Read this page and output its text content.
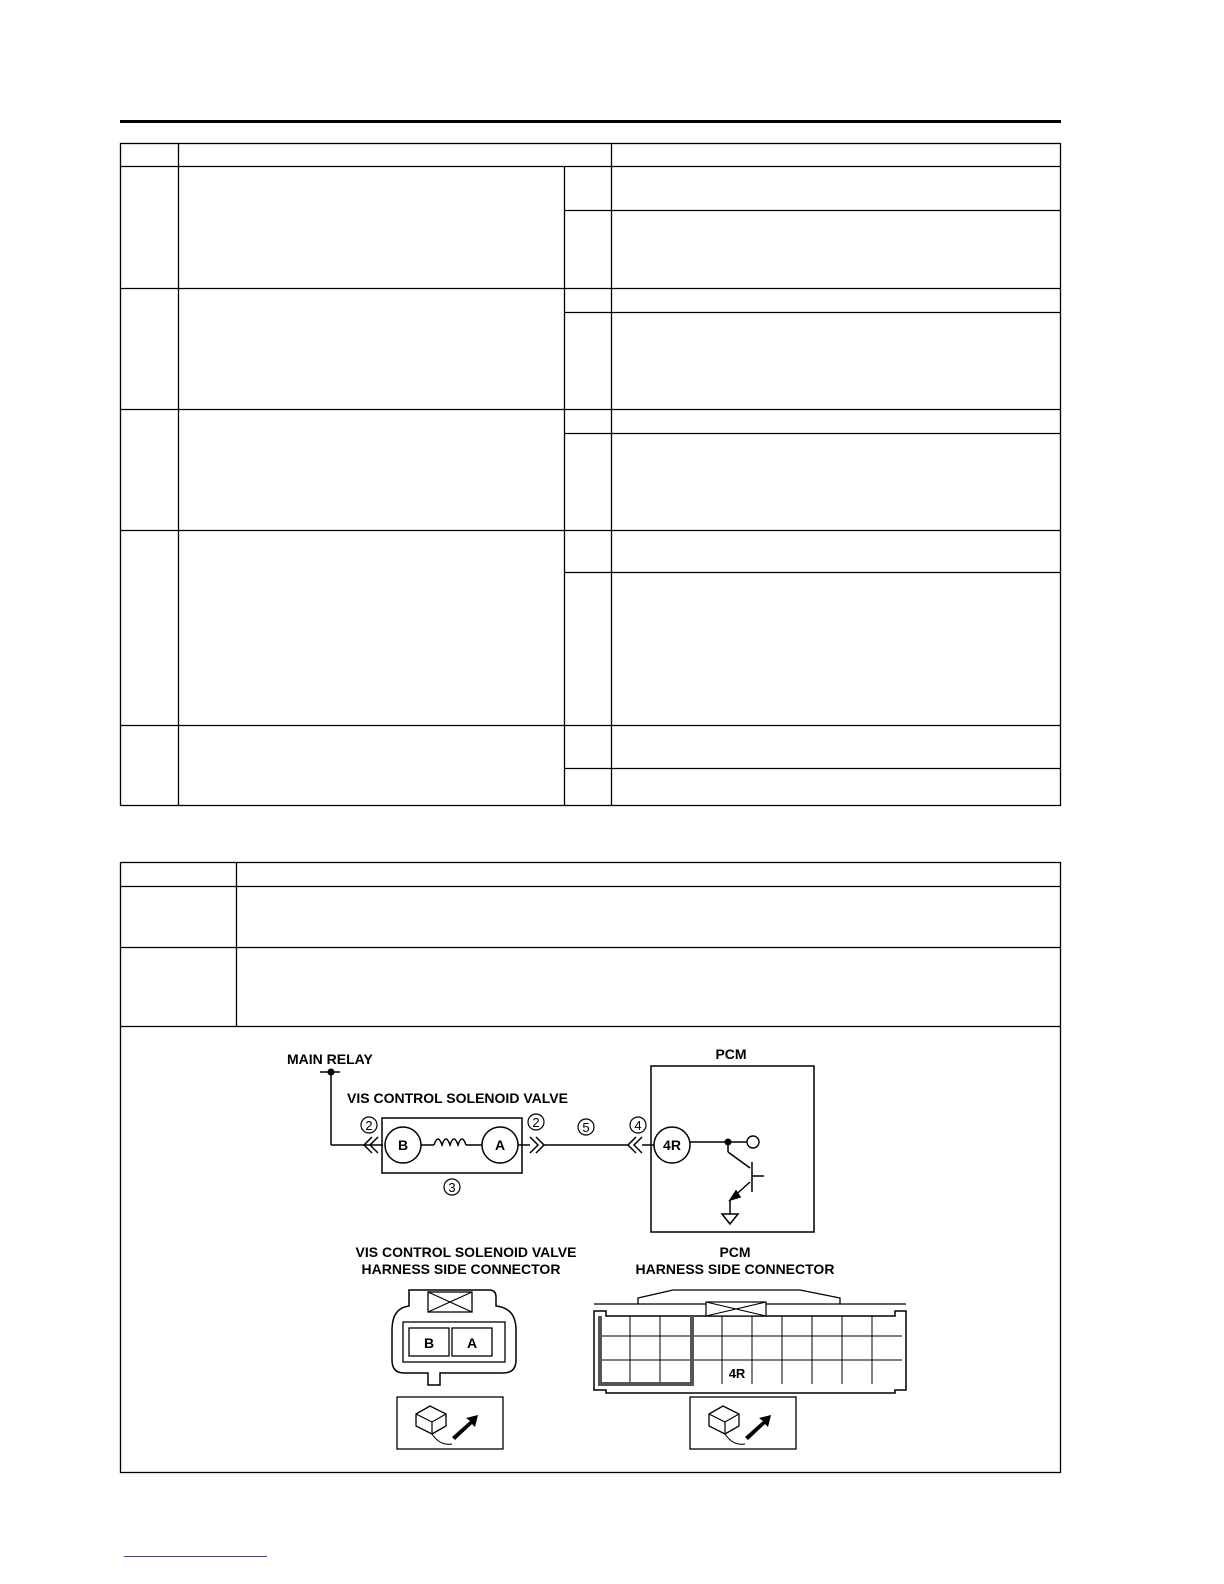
MAIN RELAY
VIS CONTROL SOLENOID VALVE
2
B	A
3
2	5	4
PCM
4R
VIS CONTROL SOLENOID VALVE
HARNESS SIDE CONNECTOR
B A
PCM
HARNESS SIDE CONNECTOR
4R
